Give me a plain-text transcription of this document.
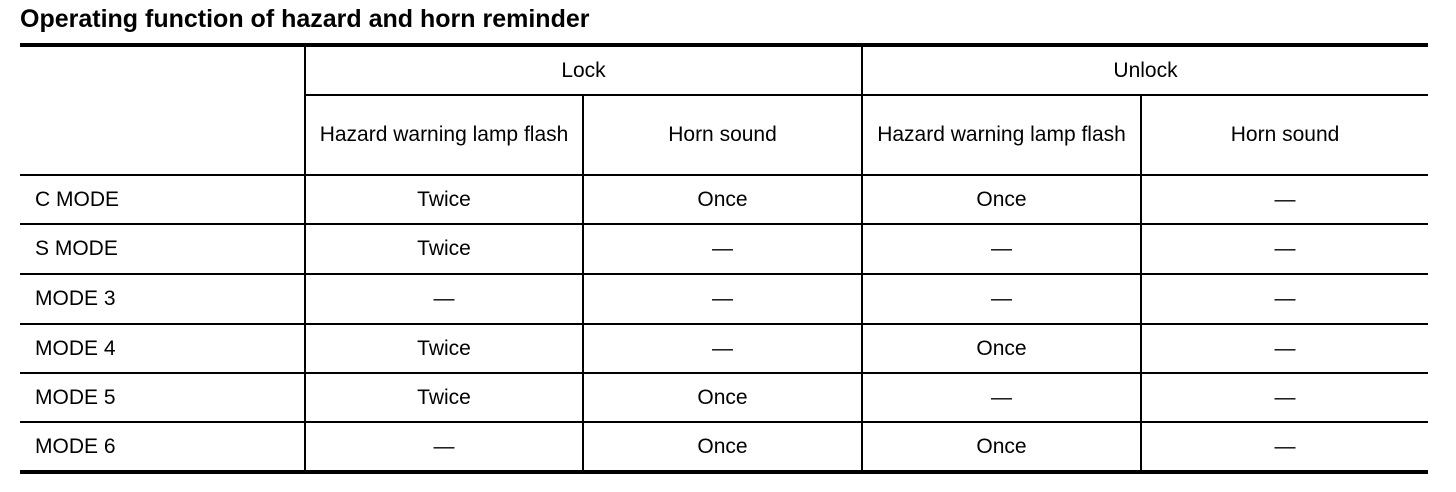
Operating function of hazard and horn reminder
	Lock		Unlock	
	Hazard warning lamp flash	Horn sound	Hazard warning lamp flash	Horn sound
C MODE	Twice	Once	Once	—
S MODE	Twice	—	—	—
MODE 3	—	—	—	—
MODE 4	Twice	—	Once	—
MODE 5	Twice	Once	—	—
MODE 6	—	Once	Once	—
